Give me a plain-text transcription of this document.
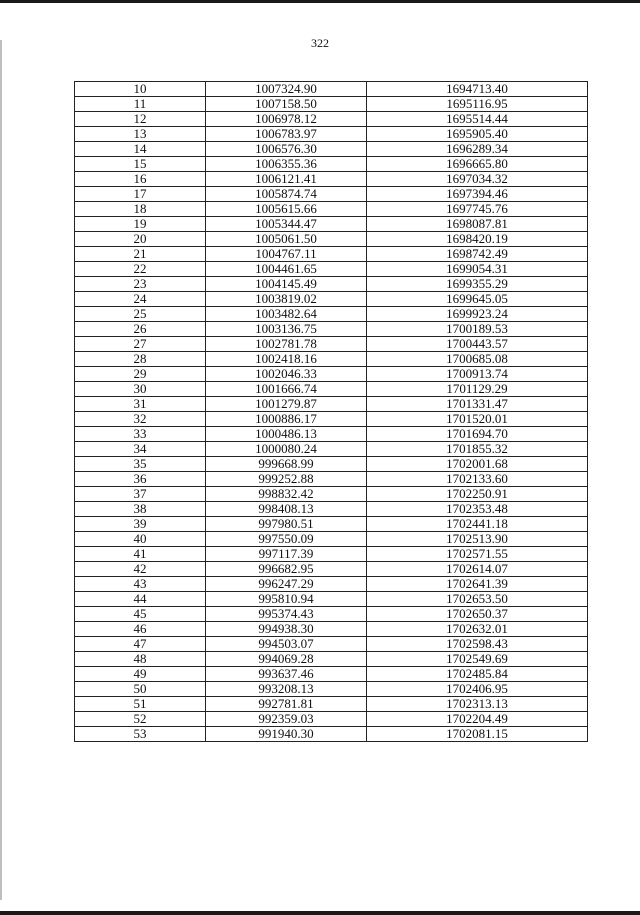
322
10	1007324.90	1694713.40
11	1007158.50	1695116.95
12	1006978.12	1695514.44
13	1006783.97	1695905.40
14	1006576.30	1696289.34
15	1006355.36	1696665.80
16	1006121.41	1697034.32
17	1005874.74	1697394.46
18	1005615.66	1697745.76
19	1005344.47	1698087.81
20	1005061.50	1698420.19
21	1004767.11	1698742.49
22	1004461.65	1699054.31
23	1004145.49	1699355.29
24	1003819.02	1699645.05
25	1003482.64	1699923.24
26	1003136.75	1700189.53
27	1002781.78	1700443.57
28	1002418.16	1700685.08
29	1002046.33	1700913.74
30	1001666.74	1701129.29
31	1001279.87	1701331.47
32	1000886.17	1701520.01
33	1000486.13	1701694.70
34	1000080.24	1701855.32
35	999668.99	1702001.68
36	999252.88	1702133.60
37	998832.42	1702250.91
38	998408.13	1702353.48
39	997980.51	1702441.18
40	997550.09	1702513.90
41	997117.39	1702571.55
42	996682.95	1702614.07
43	996247.29	1702641.39
44	995810.94	1702653.50
45	995374.43	1702650.37
46	994938.30	1702632.01
47	994503.07	1702598.43
48	994069.28	1702549.69
49	993637.46	1702485.84
50	993208.13	1702406.95
51	992781.81	1702313.13
52	992359.03	1702204.49
53	991940.30	1702081.15
